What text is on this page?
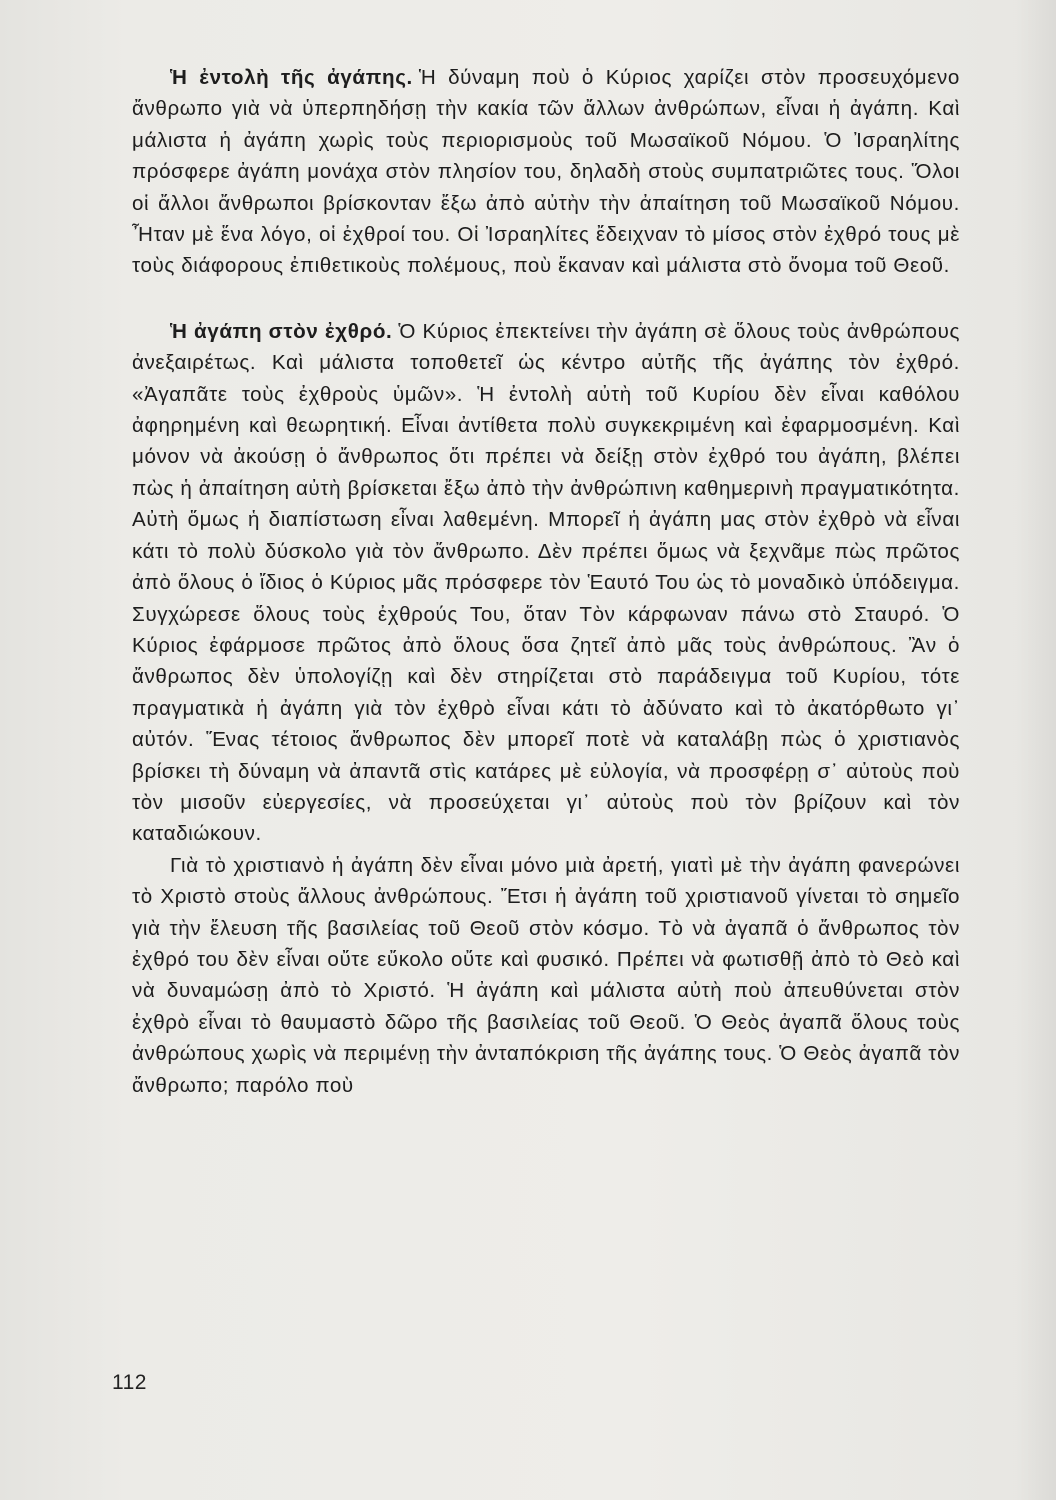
Ἡ ἐντολὴ τῆς ἀγάπης. Ἡ δύναμη ποὺ ὁ Κύριος χαρίζει στὸν προσευχόμενο ἄνθρωπο γιὰ νὰ ὑπερπηδήσῃ τὴν κακία τῶν ἄλλων ἀνθρώπων, εἶναι ἡ ἀγάπη. Καὶ μάλιστα ἡ ἀγάπη χωρὶς τοὺς περιορισμοὺς τοῦ Μωσαϊκοῦ Νόμου. Ὁ Ἰσραηλίτης πρόσφερε ἀγάπη μονάχα στὸν πλησίον του, δηλαδὴ στοὺς συμπατριῶτες τους. Ὅλοι οἱ ἄλλοι ἄνθρωποι βρίσκονταν ἔξω ἀπὸ αὐτὴν τὴν ἀπαίτηση τοῦ Μωσαϊκοῦ Νόμου. Ἦταν μὲ ἕνα λόγο, οἱ ἐχθροί του. Οἱ Ἰσραηλίτες ἔδειχναν τὸ μίσος στὸν ἐχθρό τους μὲ τοὺς διάφορους ἐπιθετικοὺς πολέμους, ποὺ ἔκαναν καὶ μάλιστα στὸ ὄνομα τοῦ Θεοῦ.

Ἡ ἀγάπη στὸν ἐχθρό. Ὁ Κύριος ἐπεκτείνει τὴν ἀγάπη σὲ ὅλους τοὺς ἀνθρώπους ἀνεξαιρέτως. Καὶ μάλιστα τοποθετεῖ ὡς κέντρο αὐτῆς τῆς ἀγάπης τὸν ἐχθρό. «Ἀγαπᾶτε τοὺς ἐχθροὺς ὑμῶν». Ἡ ἐντολὴ αὐτὴ τοῦ Κυρίου δὲν εἶναι καθόλου ἀφηρημένη καὶ θεωρητική. Εἶναι ἀντίθετα πολὺ συγκεκριμένη καὶ ἐφαρμοσμένη. Καὶ μόνον νὰ ἀκούσῃ ὁ ἄνθρωπος ὅτι πρέπει νὰ δείξῃ στὸν ἐχθρό του ἀγάπη, βλέπει πὼς ἡ ἀπαίτηση αὐτὴ βρίσκεται ἔξω ἀπὸ τὴν ἀνθρώπινη καθημερινὴ πραγματικότητα. Αὐτὴ ὅμως ἡ διαπίστωση εἶναι λαθεμένη. Μπορεῖ ἡ ἀγάπη μας στὸν ἐχθρὸ νὰ εἶναι κάτι τὸ πολὺ δύσκολο γιὰ τὸν ἄνθρωπο. Δὲν πρέπει ὅμως νὰ ξεχνᾶμε πὼς πρῶτος ἀπὸ ὅλους ὁ ἴδιος ὁ Κύριος μᾶς πρόσφερε τὸν Ἑαυτό Του ὡς τὸ μοναδικὸ ὑπόδειγμα. Συγχώρεσε ὅλους τοὺς ἐχθρούς Του, ὅταν Τὸν κάρφωναν πάνω στὸ Σταυρό. Ὁ Κύριος ἐφάρμοσε πρῶτος ἀπὸ ὅλους ὅσα ζητεῖ ἀπὸ μᾶς τοὺς ἀνθρώπους. Ἂν ὁ ἄνθρωπος δὲν ὑπολογίζῃ καὶ δὲν στηρίζεται στὸ παράδειγμα τοῦ Κυρίου, τότε πραγματικὰ ἡ ἀγάπη γιὰ τὸν ἐχθρὸ εἶναι κάτι τὸ ἀδύνατο καὶ τὸ ἀκατόρθωτο γι᾿ αὐτόν. Ἕνας τέτοιος ἄνθρωπος δὲν μπορεῖ ποτὲ νὰ καταλάβῃ πὼς ὁ χριστιανὸς βρίσκει τὴ δύναμη νὰ ἀπαντᾶ στὶς κατάρες μὲ εὐλογία, νὰ προσφέρῃ σ᾿ αὐτοὺς ποὺ τὸν μισοῦν εὐεργεσίες, νὰ προσεύχεται γι᾿ αὐτοὺς ποὺ τὸν βρίζουν καὶ τὸν καταδιώκουν.

Γιὰ τὸ χριστιανὸ ἡ ἀγάπη δὲν εἶναι μόνο μιὰ ἀρετή, γιατὶ μὲ τὴν ἀγάπη φανερώνει τὸ Χριστὸ στοὺς ἄλλους ἀνθρώπους. Ἔτσι ἡ ἀγάπη τοῦ χριστιανοῦ γίνεται τὸ σημεῖο γιὰ τὴν ἔλευση τῆς βασιλείας τοῦ Θεοῦ στὸν κόσμο. Τὸ νὰ ἀγαπᾶ ὁ ἄνθρωπος τὸν ἐχθρό του δὲν εἶναι οὔτε εὔκολο οὔτε καὶ φυσικό. Πρέπει νὰ φωτισθῇ ἀπὸ τὸ Θεὸ καὶ νὰ δυναμώσῃ ἀπὸ τὸ Χριστό. Ἡ ἀγάπη καὶ μάλιστα αὐτὴ ποὺ ἀπευθύνεται στὸν ἐχθρὸ εἶναι τὸ θαυμαστὸ δῶρο τῆς βασιλείας τοῦ Θεοῦ. Ὁ Θεὸς ἀγαπᾶ ὅλους τοὺς ἀνθρώπους χωρὶς νὰ περιμένῃ τὴν ἀνταπόκριση τῆς ἀγάπης τους. Ὁ Θεὸς ἀγαπᾶ τὸν ἄνθρωπο; παρόλο ποὺ

112
